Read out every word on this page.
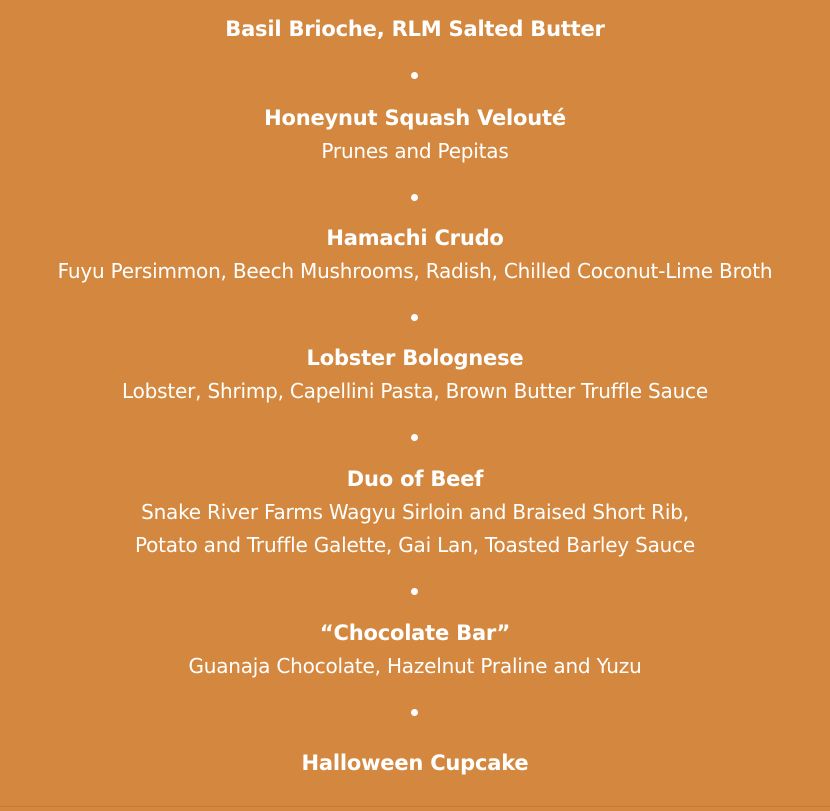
Basil Brioche, RLM Salted Butter
Honeynut Squash Velouté
Prunes and Pepitas
Hamachi Crudo
Fuyu Persimmon, Beech Mushrooms, Radish, Chilled Coconut-Lime Broth
Lobster Bolognese
Lobster, Shrimp, Capellini Pasta, Brown Butter Truffle Sauce
Duo of Beef
Snake River Farms Wagyu Sirloin and Braised Short Rib,
Potato and Truffle Galette, Gai Lan, Toasted Barley Sauce
“Chocolate Bar”
Guanaja Chocolate, Hazelnut Praline and Yuzu
Halloween Cupcake
